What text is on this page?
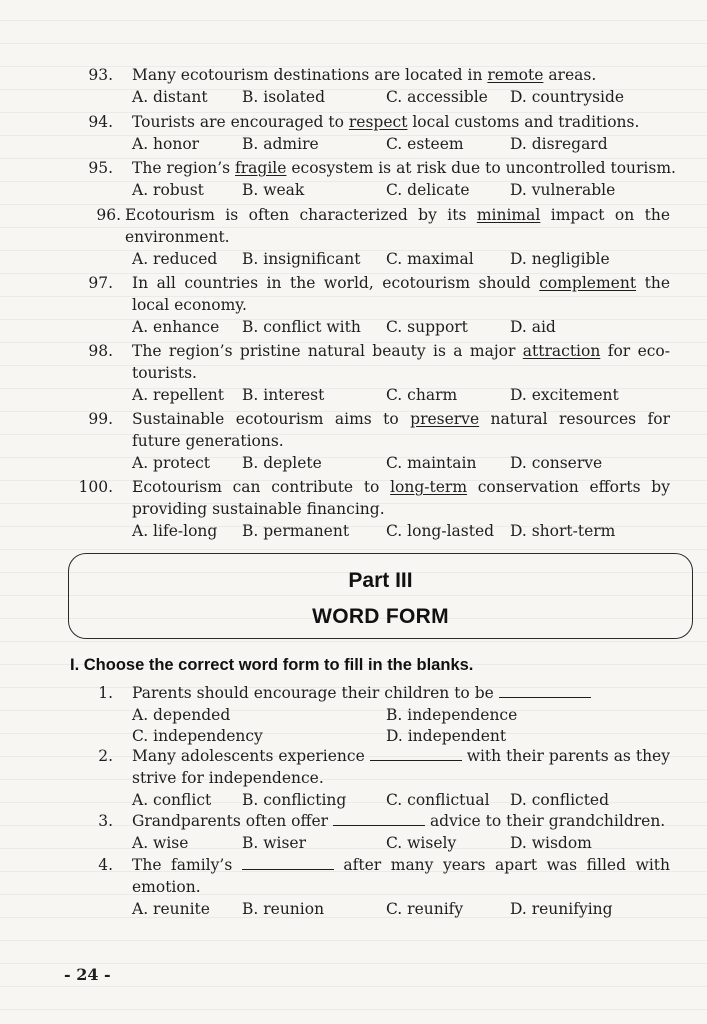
93. Many ecotourism destinations are located in remote areas.
A. distant B. isolated	C. accessible D. countryside
94. Tourists are encouraged to respect local customs and traditions.
A. honor	B. admire	C. esteem	D. disregard
95. The region’s fragile ecosystem is at risk due to uncontrolled tourism.
A. robust B. weak	C. delicate	D. vulnerable
96. Ecotourism is often characterized by its minimal impact on the environment.
A. reduced B. insignificant C. maximal D. negligible
97. In all countries in the world, ecotourism should complement the local economy.
A. enhance B. conflict with C. support	D. aid
98. The region’s pristine natural beauty is a major attraction for eco-tourists.
A. repellent B. interest	C. charm	D. excitement
99. Sustainable ecotourism aims to preserve natural resources for future generations.
A. protect B. deplete	C. maintain D. conserve
100. Ecotourism can contribute to long-term conservation efforts by providing sustainable financing.
A. life-long B. permanent C. long-lasted D. short-term
Part III
WORD FORM
I. Choose the correct word form to fill in the blanks.
1. Parents should encourage their children to be
A. depended	B. independence
C. independency	D. independent
2. Many adolescents experience	with their parents as they strive for independence.
A. conflict B. conflicting	C. conflictual D. conflicted
3. Grandparents often offer	advice to their grandchildren.
A. wise	B. wiser	C. wisely	D. wisdom
4. The family’s	after many years apart was filled with emotion.
A. reunite B. reunion	C. reunify	D. reunifying
- 24 -
